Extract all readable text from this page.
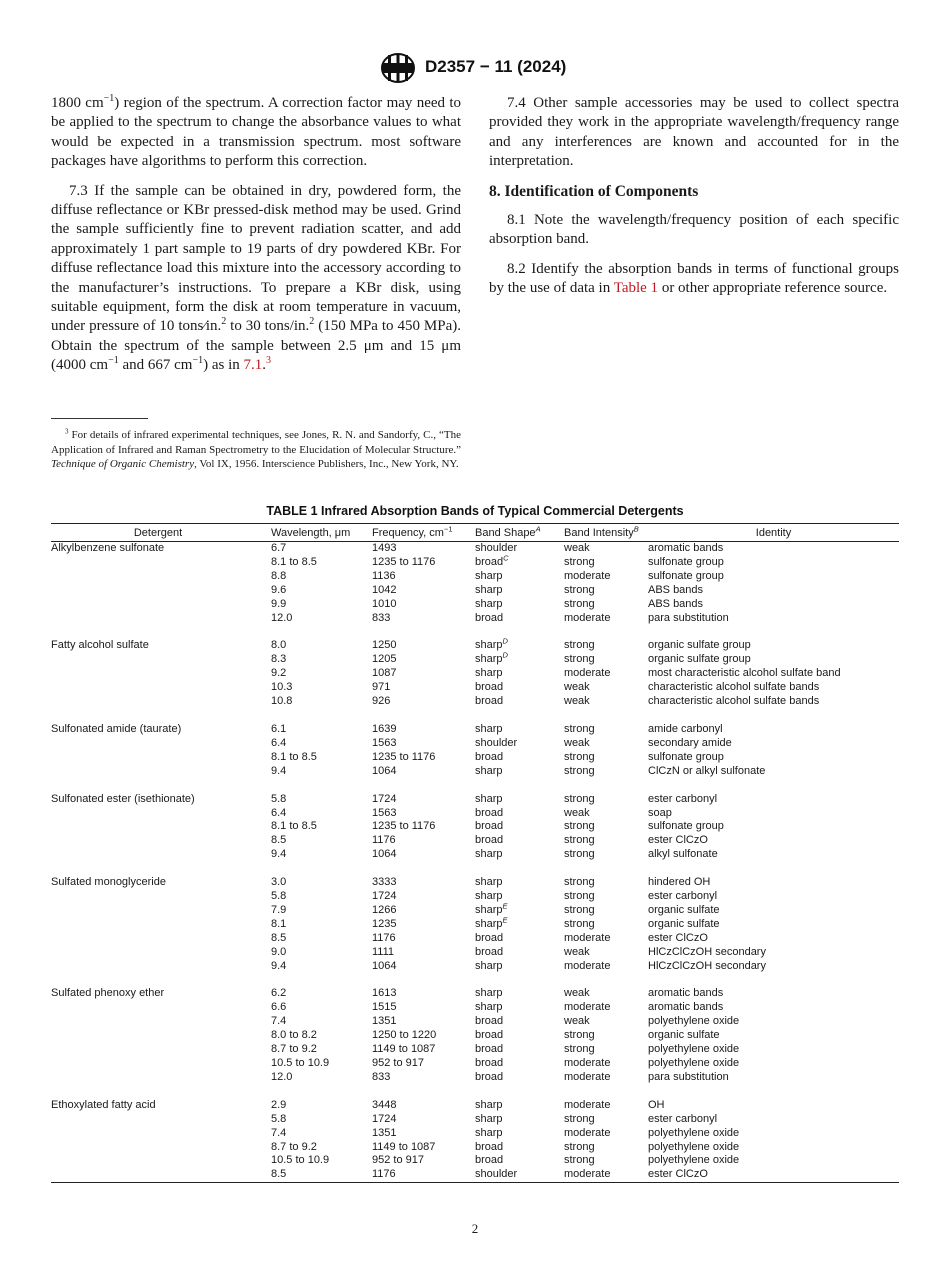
D2357 − 11 (2024)

1800 $cm^{-1}$) region of the spectrum. A correction factor may need to be applied to the spectrum to change the absorbance values to what would be expected in a transmission spectrum. most software packages have algorithms to perform this correction.

7.3 If the sample can be obtained in dry, powdered form, the diffuse reflectance or KBr pressed-disk method may be used. Grind the sample sufficiently fine to prevent radiation scatter, and add approximately 1 part sample to 19 parts of dry powdered KBr. For diffuse reflectance load this mixture into the accessory according to the manufacturer’s instructions. To prepare a KBr disk, using suitable equipment, form the disk at room temperature in vacuum, under pressure of 10 tons⁄in.$^2$ to 30 tons/in.$^2$ (150 MPa to 450 MPa). Obtain the spectrum of the sample between 2.5 μm and 15 μm (4000 $cm^{-1}$ and 667 $cm^{-1}$) as in 7.1.$^3$

$^3$ For details of infrared experimental techniques, see Jones, R. N. and Sandorfy, C., “The Application of Infrared and Raman Spectrometry to the Elucidation of Molecular Structure.” Technique of Organic Chemistry, Vol IX, 1956. Interscience Publishers, Inc., New York, NY.

7.4 Other sample accessories may be used to collect spectra provided they work in the appropriate wavelength/frequency range and any interferences are known and accounted for in the interpretation.

8. Identification of Components

8.1 Note the wavelength/frequency position of each specific absorption band.

8.2 Identify the absorption bands in terms of functional groups by the use of data in Table 1 or other appropriate reference source.

TABLE 1 Infrared Absorption Bands of Typical Commercial Detergents
Detergent	Wavelength, μm	Frequency, $cm^{-1}$	Band Shape$^A$	Band Intensity$^B$	Identity
Alkylbenzene sulfonate	6.7	1493	shoulder	weak	aromatic bands
	8.1 to 8.5	1235 to 1176	broad$^C$	strong	sulfonate group
	8.8	1136	sharp	moderate	sulfonate group
	9.6	1042	sharp	strong	ABS bands
	9.9	1010	sharp	strong	ABS bands
	12.0	833	broad	moderate	para substitution

Fatty alcohol sulfate	8.0	1250	sharp$^D$	strong	organic sulfate group
	8.3	1205	sharp$^D$	strong	organic sulfate group
	9.2	1087	sharp	moderate	most characteristic alcohol sulfate band
	10.3	971	broad	weak	characteristic alcohol sulfate bands
	10.8	926	broad	weak	characteristic alcohol sulfate bands

Sulfonated amide (taurate)	6.1	1639	sharp	strong	amide carbonyl
	6.4	1563	shoulder	weak	secondary amide
	8.1 to 8.5	1235 to 1176	broad	strong	sulfonate group
	9.4	1064	sharp	strong	ClCzN or alkyl sulfonate

Sulfonated ester (isethionate)	5.8	1724	sharp	strong	ester carbonyl
	6.4	1563	broad	weak	soap
	8.1 to 8.5	1235 to 1176	broad	strong	sulfonate group
	8.5	1176	broad	strong	ester ClCzO
	9.4	1064	sharp	strong	alkyl sulfonate

Sulfated monoglyceride	3.0	3333	sharp	strong	hindered OH
	5.8	1724	sharp	strong	ester carbonyl
	7.9	1266	sharp$^E$	strong	organic sulfate
	8.1	1235	sharp$^E$	strong	organic sulfate
	8.5	1176	broad	moderate	ester ClCzO
	9.0	1111	broad	weak	HlCzClCzOH secondary
	9.4	1064	sharp	moderate	HlCzClCzOH secondary

Sulfated phenoxy ether	6.2	1613	sharp	weak	aromatic bands
	6.6	1515	sharp	moderate	aromatic bands
	7.4	1351	broad	weak	polyethylene oxide
	8.0 to 8.2	1250 to 1220	broad	strong	organic sulfate
	8.7 to 9.2	1149 to 1087	broad	strong	polyethylene oxide
	10.5 to 10.9	952 to 917	broad	moderate	polyethylene oxide
	12.0	833	broad	moderate	para substitution

Ethoxylated fatty acid	2.9	3448	sharp	moderate	OH
	5.8	1724	sharp	strong	ester carbonyl
	7.4	1351	sharp	moderate	polyethylene oxide
	8.7 to 9.2	1149 to 1087	broad	strong	polyethylene oxide
	10.5 to 10.9	952 to 917	broad	strong	polyethylene oxide
	8.5	1176	shoulder	moderate	ester ClCzO
2
